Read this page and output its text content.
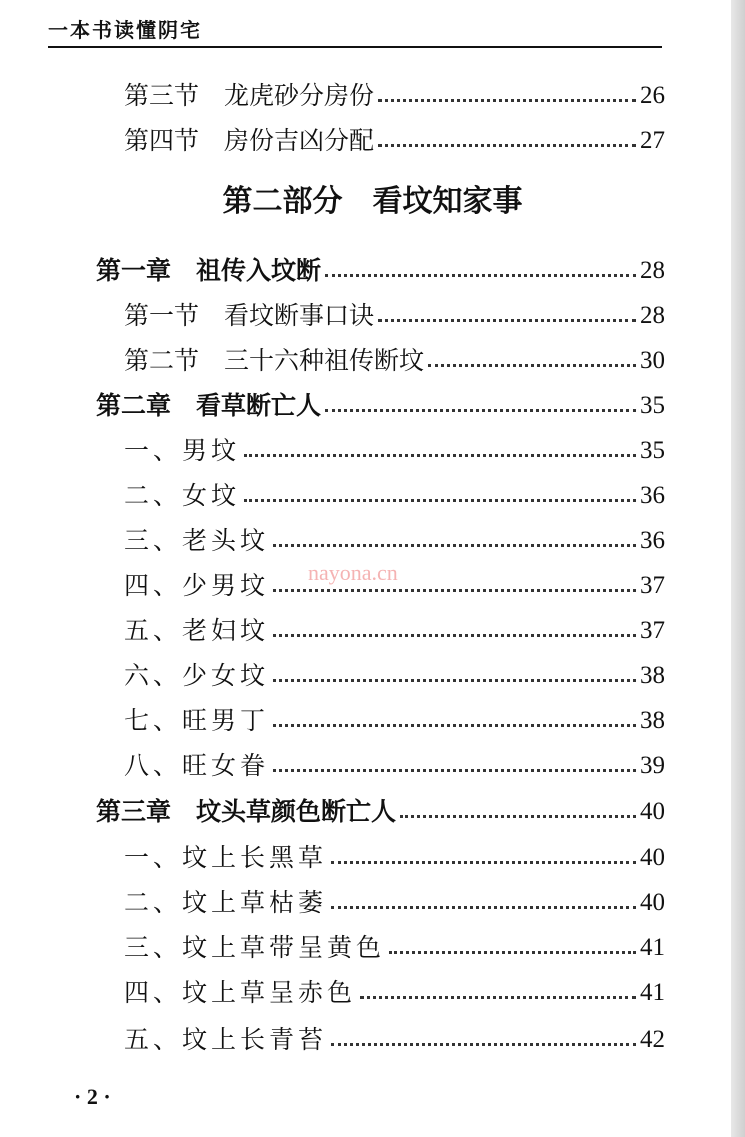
一本书读懂阴宅
第三节　龙虎砂分房份	26
第四节　房份吉凶分配	27
第二部分　看坟知家事
第一章　祖传入坟断	28
第一节　看坟断事口诀	28
第二节　三十六种祖传断坟	30
第二章　看草断亡人	35
一、男坟	35
二、女坟	36
三、老头坟	36
四、少男坟	37
五、老妇坟	37
六、少女坟	38
七、旺男丁	38
八、旺女眷	39
第三章　坟头草颜色断亡人	40
一、坟上长黑草	40
二、坟上草枯萎	40
三、坟上草带呈黄色	41
四、坟上草呈赤色	41
五、坟上长青苔	42
nayona.cn
· 2 ·
